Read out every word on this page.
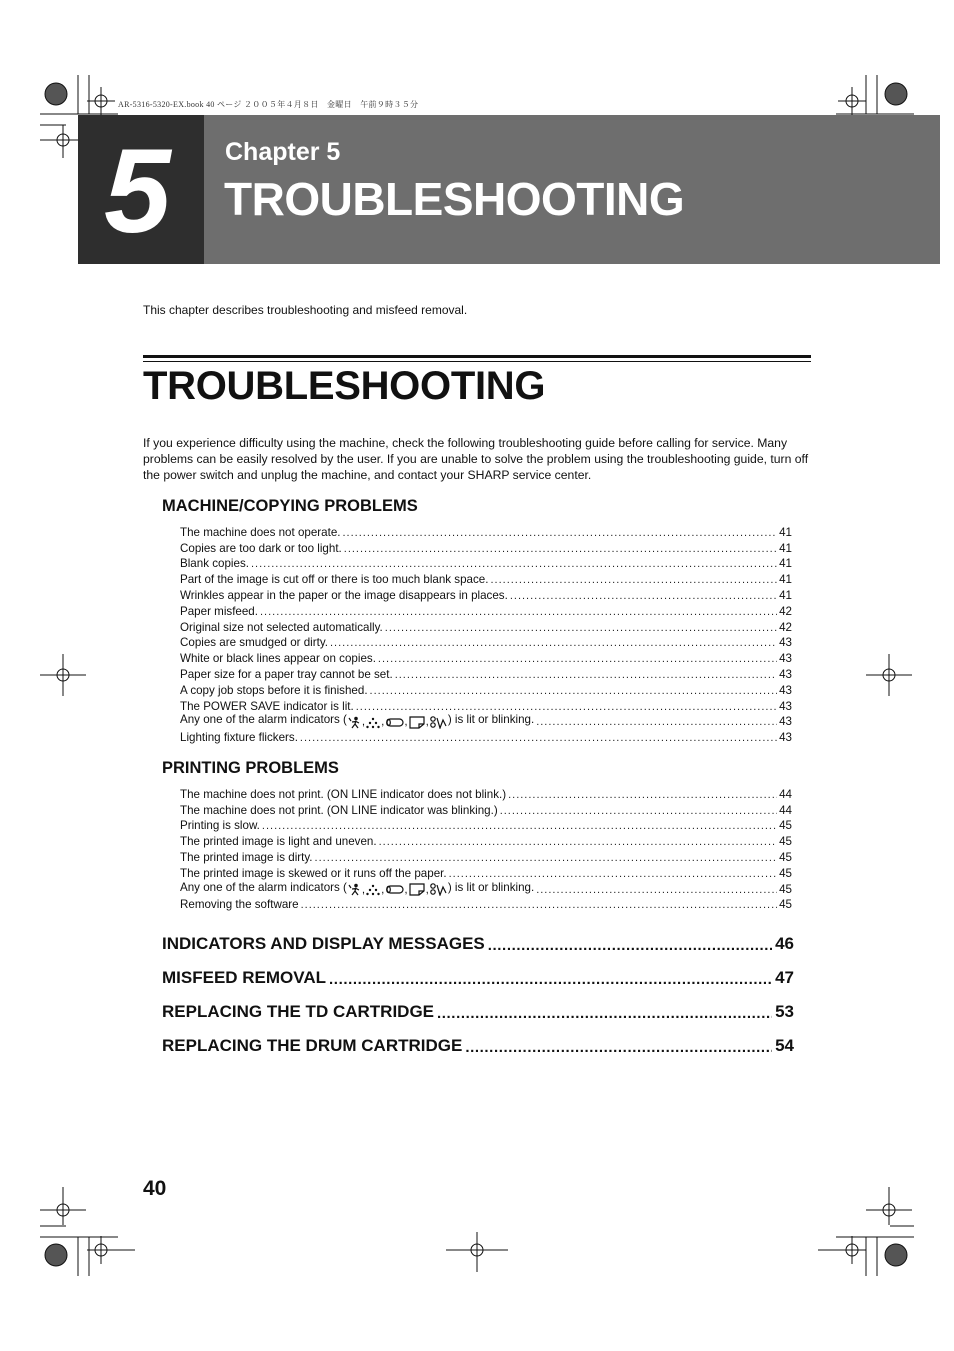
AR-5316-5320-EX.book 40 ページ ２００５年４月８日　金曜日　午前９時３５分
5 Chapter 5
TROUBLESHOOTING
This chapter describes troubleshooting and misfeed removal.
TROUBLESHOOTING
If you experience difficulty using the machine, check the following troubleshooting guide before calling for service. Many problems can be easily resolved by the user. If you are unable to solve the problem using the troubleshooting guide, turn off the power switch and unplug the machine, and contact your SHARP service center.
MACHINE/COPYING PROBLEMS
The machine does not operate. .....	41
Copies are too dark or too light. .....	41
Blank copies. .....	41
Part of the image is cut off or there is too much blank space. .....	41
Wrinkles appear in the paper or the image disappears in places. .....	41
Paper misfeed. .....	42
Original size not selected automatically. .....	42
Copies are smudged or dirty. .....	43
White or black lines appear on copies. .....	43
Paper size for a paper tray cannot be set. .....	43
A copy job stops before it is finished. .....	43
The POWER SAVE indicator is lit. .....	43
Any one of the alarm indicators ( , , , , ) is lit or blinking. .....	43
Lighting fixture flickers. .....	43
PRINTING PROBLEMS
The machine does not print. (ON LINE indicator does not blink.) .....	44
The machine does not print. (ON LINE indicator was blinking.) .....	44
Printing is slow. .....	45
The printed image is light and uneven. .....	45
The printed image is dirty. .....	45
The printed image is skewed or it runs off the paper. .....	45
Any one of the alarm indicators ( , , , , ) is lit or blinking. .....	45
Removing the software .....	45
INDICATORS AND DISPLAY MESSAGES .....	46
MISFEED REMOVAL .....	47
REPLACING THE TD CARTRIDGE .....	53
REPLACING THE DRUM CARTRIDGE .....	54
40
